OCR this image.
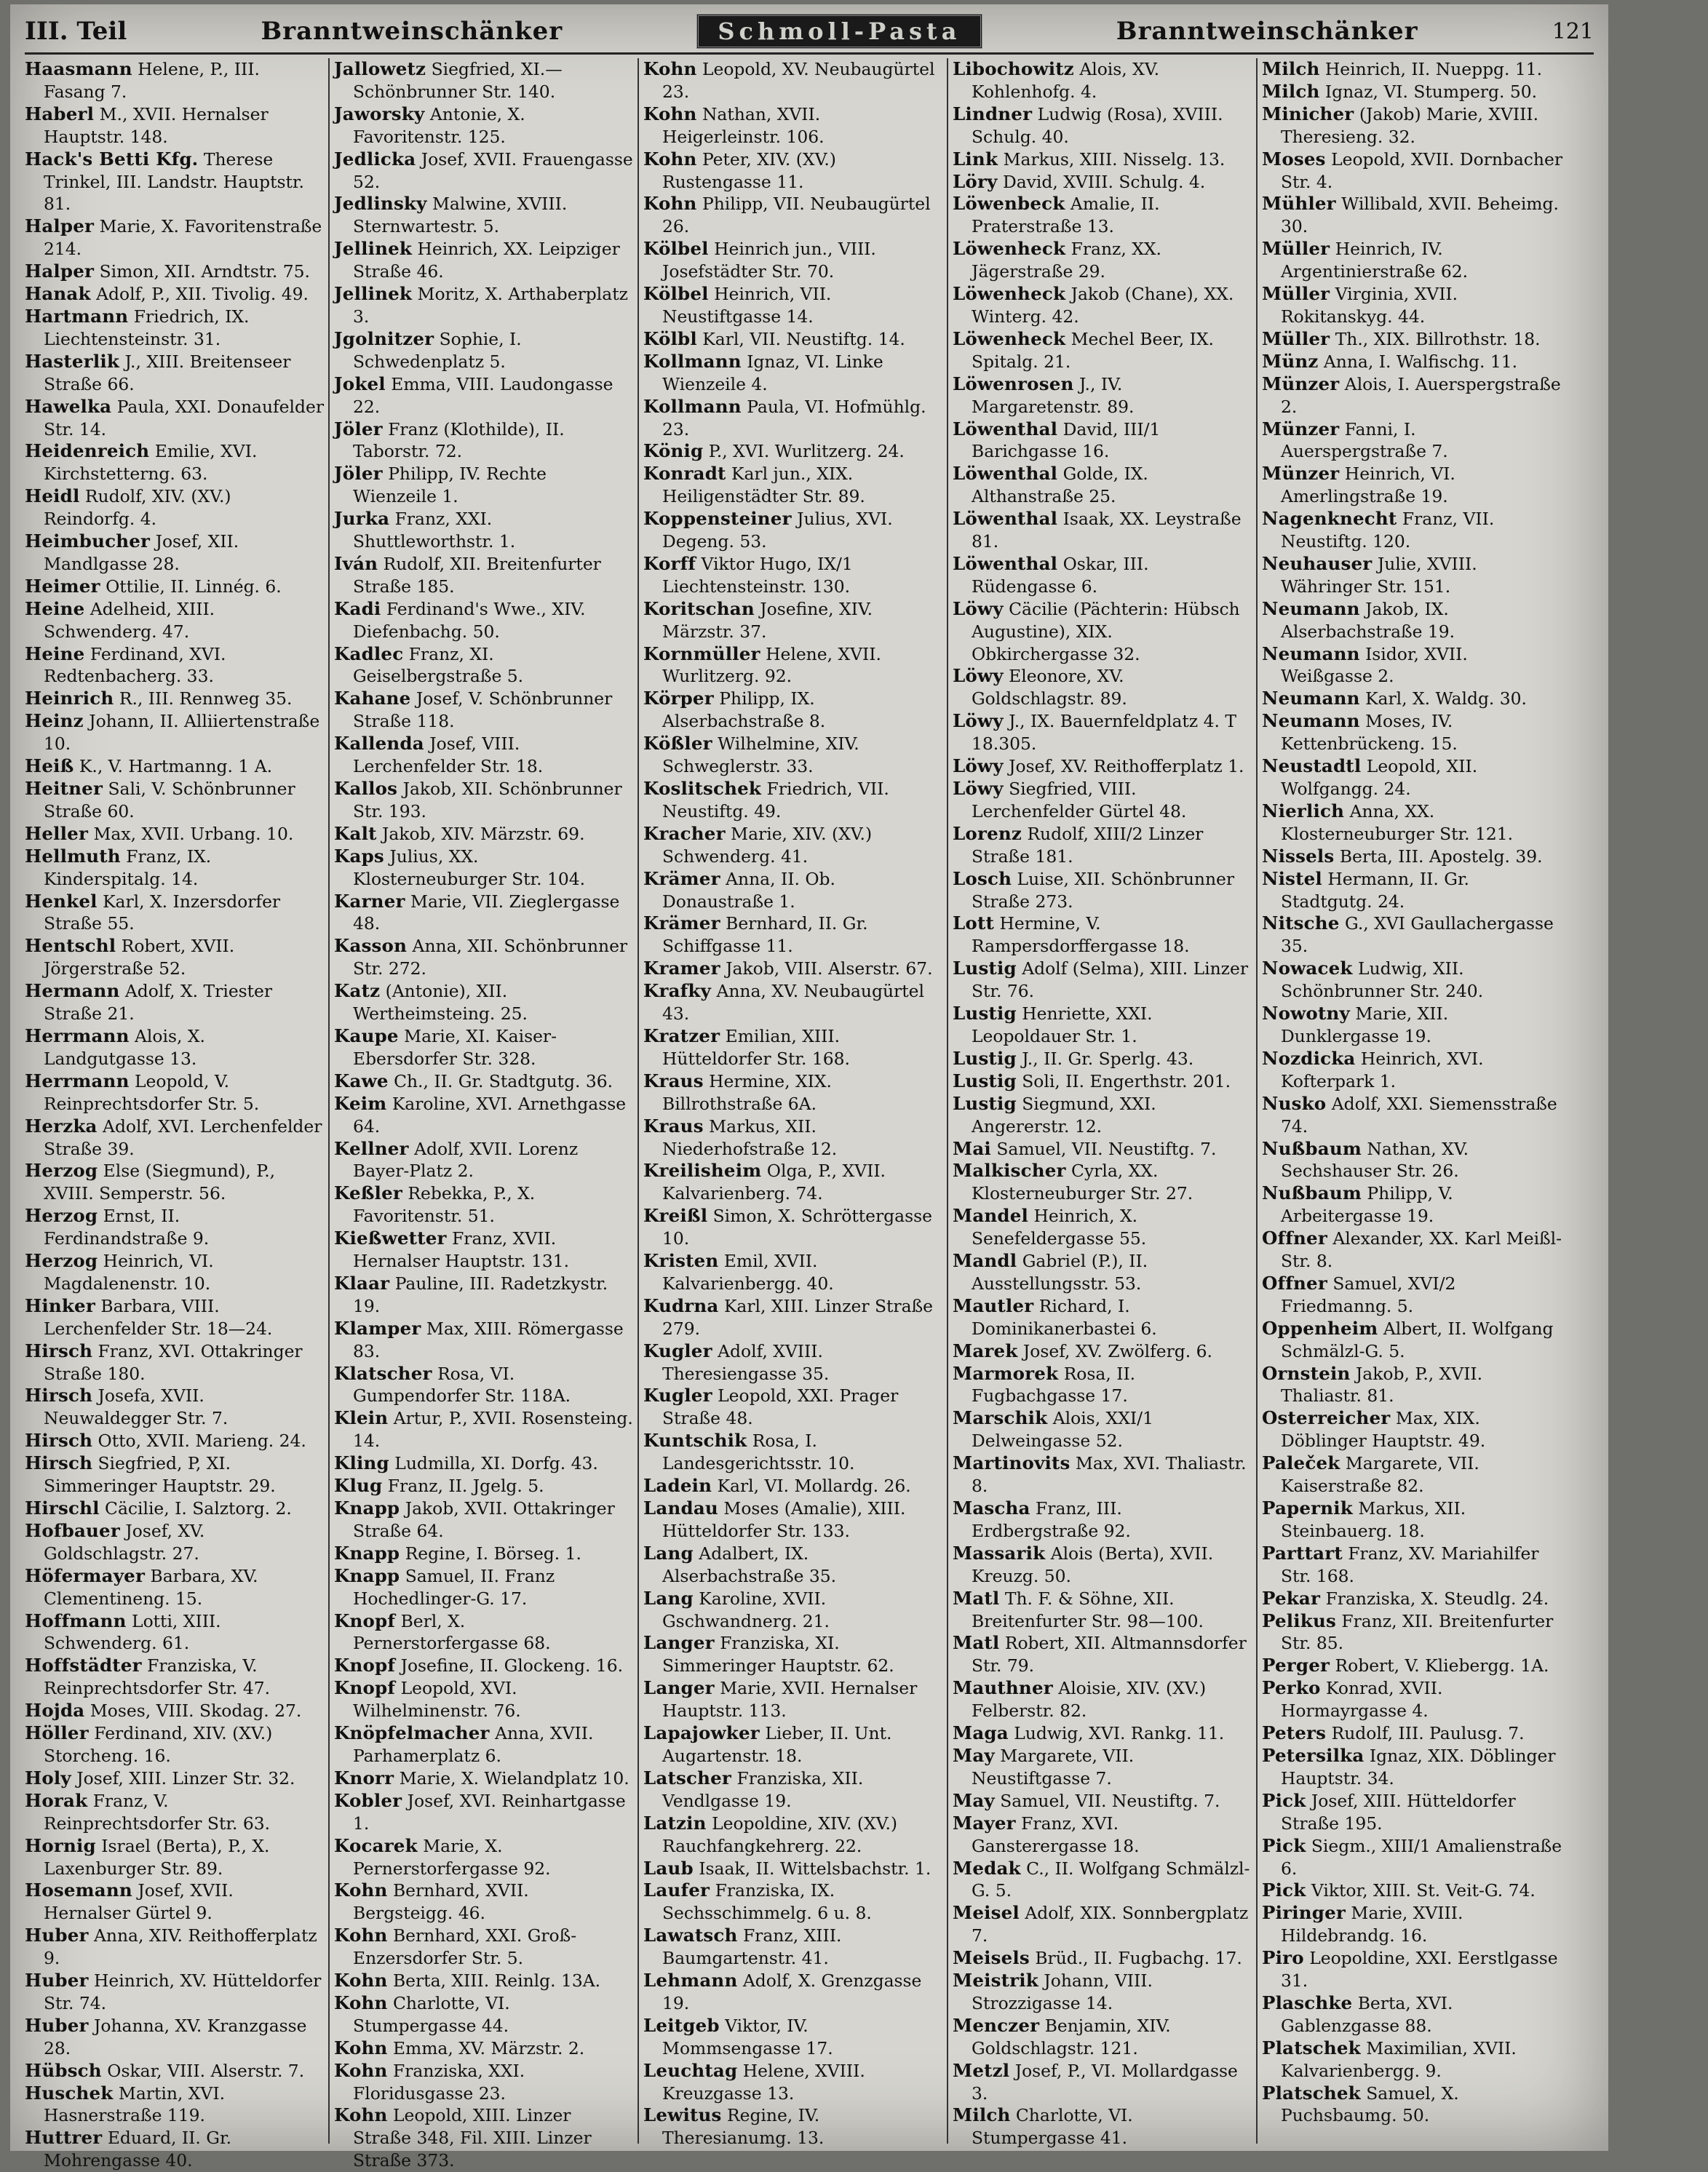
III. Teil	Branntweinschänker	Schmoll-Pasta	Branntweinschänker	121

Haasmann Helene, P., III. Fasang 7.

Haberl M., XVII. Hernalser Hauptstr. 148.

Hack's Betti Kfg. Therese Trinkel, III. Landstr. Hauptstr. 81.

Halper Marie, X. Favoritenstraße 214.

Halper Simon, XII. Arndtstr. 75.

Hanak Adolf, P., XII. Tivolig. 49.

Hartmann Friedrich, IX. Liechtensteinstr. 31.

Hasterlik J., XIII. Breitenseer Straße 66.

Hawelka Paula, XXI. Donaufelder Str. 14.

Heidenreich Emilie, XVI. Kirchstetterng. 63.

Heidl Rudolf, XIV. (XV.) Reindorfg. 4.

Heimbucher Josef, XII. Mandlgasse 28.

Heimer Ottilie, II. Linnég. 6.

Heine Adelheid, XIII. Schwenderg. 47.

Heine Ferdinand, XVI. Redtenbacherg. 33.

Heinrich R., III. Rennweg 35.

Heinz Johann, II. Alliiertenstraße 10.

Heiß K., V. Hartmanng. 1 A.

Heitner Sali, V. Schönbrunner Straße 60.

Heller Max, XVII. Urbang. 10.

Hellmuth Franz, IX. Kinderspitalg. 14.

Henkel Karl, X. Inzersdorfer Straße 55.

Hentschl Robert, XVII. Jörgerstraße 52.

Hermann Adolf, X. Triester Straße 21.

Herrmann Alois, X. Landgutgasse 13.

Herrmann Leopold, V. Reinprechtsdorfer Str. 5.

Herzka Adolf, XVI. Lerchenfelder Straße 39.

Herzog Else (Siegmund), P., XVIII. Semperstr. 56.

Herzog Ernst, II. Ferdinandstraße 9.

Herzog Heinrich, VI. Magdalenenstr. 10.

Hinker Barbara, VIII. Lerchenfelder Str. 18—24.

Hirsch Franz, XVI. Ottakringer Straße 180.

Hirsch Josefa, XVII. Neuwaldegger Str. 7.

Hirsch Otto, XVII. Marieng. 24.

Hirsch Siegfried, P, XI. Simmeringer Hauptstr. 29.

Hirschl Cäcilie, I. Salztorg. 2.

Hofbauer Josef, XV. Goldschlagstr. 27.

Höfermayer Barbara, XV. Clementineng. 15.

Hoffmann Lotti, XIII. Schwenderg. 61.

Hoffstädter Franziska, V. Reinprechtsdorfer Str. 47.

Hojda Moses, VIII. Skodag. 27.

Höller Ferdinand, XIV. (XV.) Storcheng. 16.

Holy Josef, XIII. Linzer Str. 32.

Horak Franz, V. Reinprechtsdorfer Str. 63.

Hornig Israel (Berta), P., X. Laxenburger Str. 89.

Hosemann Josef, XVII. Hernalser Gürtel 9.

Huber Anna, XIV. Reithofferplatz 9.

Huber Heinrich, XV. Hütteldorfer Str. 74.

Huber Johanna, XV. Kranzgasse 28.

Hübsch Oskar, VIII. Alserstr. 7.

Huschek Martin, XVI. Hasnerstraße 119.

Huttrer Eduard, II. Gr. Mohrengasse 40.

Jallowetz Siegfried, XI.—Schönbrunner Str. 140.

Jaworsky Antonie, X. Favoritenstr. 125.

Jedlicka Josef, XVII. Frauengasse 52.

Jedlinsky Malwine, XVIII. Sternwartestr. 5.

Jellinek Heinrich, XX. Leipziger Straße 46.

Jellinek Moritz, X. Arthaberplatz 3.

Jgolnitzer Sophie, I. Schwedenplatz 5.

Jokel Emma, VIII. Laudongasse 22.

Jöler Franz (Klothilde), II. Taborstr. 72.

Jöler Philipp, IV. Rechte Wienzeile 1.

Jurka Franz, XXI. Shuttleworthstr. 1.

Iván Rudolf, XII. Breitenfurter Straße 185.

Kadi Ferdinand's Wwe., XIV. Diefenbachg. 50.

Kadlec Franz, XI. Geiselbergstraße 5.

Kahane Josef, V. Schönbrunner Straße 118.

Kallenda Josef, VIII. Lerchenfelder Str. 18.

Kallos Jakob, XII. Schönbrunner Str. 193.

Kalt Jakob, XIV. Märzstr. 69.

Kaps Julius, XX. Klosterneuburger Str. 104.

Karner Marie, VII. Zieglergasse 48.

Kasson Anna, XII. Schönbrunner Str. 272.

Katz (Antonie), XII. Wertheimsteing. 25.

Kaupe Marie, XI. Kaiser-Ebersdorfer Str. 328.

Kawe Ch., II. Gr. Stadtgutg. 36.

Keim Karoline, XVI. Arnethgasse 64.

Kellner Adolf, XVII. Lorenz Bayer-Platz 2.

Keßler Rebekka, P., X. Favoritenstr. 51.

Kießwetter Franz, XVII. Hernalser Hauptstr. 131.

Klaar Pauline, III. Radetzkystr. 19.

Klamper Max, XIII. Römergasse 83.

Klatscher Rosa, VI. Gumpendorfer Str. 118A.

Klein Artur, P., XVII. Rosensteing. 14.

Kling Ludmilla, XI. Dorfg. 43.

Klug Franz, II. Jgelg. 5.

Knapp Jakob, XVII. Ottakringer Straße 64.

Knapp Regine, I. Börseg. 1.

Knapp Samuel, II. Franz Hochedlinger-G. 17.

Knopf Berl, X. Pernerstorfergasse 68.

Knopf Josefine, II. Glockeng. 16.

Knopf Leopold, XVI. Wilhelminenstr. 76.

Knöpfelmacher Anna, XVII. Parhamerplatz 6.

Knorr Marie, X. Wielandplatz 10.

Kobler Josef, XVI. Reinhartgasse 1.

Kocarek Marie, X. Pernerstorfergasse 92.

Kohn Bernhard, XVII. Bergsteigg. 46.

Kohn Bernhard, XXI. Groß-Enzersdorfer Str. 5.

Kohn Berta, XIII. Reinlg. 13A.

Kohn Charlotte, VI. Stumpergasse 44.

Kohn Emma, XV. Märzstr. 2.

Kohn Franziska, XXI. Floridusgasse 23.

Kohn Leopold, XIII. Linzer Straße 348, Fil. XIII. Linzer Straße 373.

Kohn Leopold, XV. Neubaugürtel 23.

Kohn Nathan, XVII. Heigerleinstr. 106.

Kohn Peter, XIV. (XV.) Rustengasse 11.

Kohn Philipp, VII. Neubaugürtel 26.

Kölbel Heinrich jun., VIII. Josefstädter Str. 70.

Kölbel Heinrich, VII. Neustiftgasse 14.

Kölbl Karl, VII. Neustiftg. 14.

Kollmann Ignaz, VI. Linke Wienzeile 4.

Kollmann Paula, VI. Hofmühlg. 23.

König P., XVI. Wurlitzerg. 24.

Konradt Karl jun., XIX. Heiligenstädter Str. 89.

Koppensteiner Julius, XVI. Degeng. 53.

Korff Viktor Hugo, IX/1 Liechtensteinstr. 130.

Koritschan Josefine, XIV. Märzstr. 37.

Kornmüller Helene, XVII. Wurlitzerg. 92.

Körper Philipp, IX. Alserbachstraße 8.

Kößler Wilhelmine, XIV. Schweglerstr. 33.

Koslitschek Friedrich, VII. Neustiftg. 49.

Kracher Marie, XIV. (XV.) Schwenderg. 41.

Krämer Anna, II. Ob. Donaustraße 1.

Krämer Bernhard, II. Gr. Schiffgasse 11.

Kramer Jakob, VIII. Alserstr. 67.

Krafky Anna, XV. Neubaugürtel 43.

Kratzer Emilian, XIII. Hütteldorfer Str. 168.

Kraus Hermine, XIX. Billrothstraße 6A.

Kraus Markus, XII. Niederhofstraße 12.

Kreilisheim Olga, P., XVII. Kalvarienberg. 74.

Kreißl Simon, X. Schröttergasse 10.

Kristen Emil, XVII. Kalvarienbergg. 40.

Kudrna Karl, XIII. Linzer Straße 279.

Kugler Adolf, XVIII. Theresiengasse 35.

Kugler Leopold, XXI. Prager Straße 48.

Kuntschik Rosa, I. Landesgerichtsstr. 10.

Ladein Karl, VI. Mollardg. 26.

Landau Moses (Amalie), XIII. Hütteldorfer Str. 133.

Lang Adalbert, IX. Alserbachstraße 35.

Lang Karoline, XVII. Gschwandnerg. 21.

Langer Franziska, XI. Simmeringer Hauptstr. 62.

Langer Marie, XVII. Hernalser Hauptstr. 113.

Lapajowker Lieber, II. Unt. Augartenstr. 18.

Latscher Franziska, XII. Vendlgasse 19.

Latzin Leopoldine, XIV. (XV.) Rauchfangkehrerg. 22.

Laub Isaak, II. Wittelsbachstr. 1.

Laufer Franziska, IX. Sechsschimmelg. 6 u. 8.

Lawatsch Franz, XIII. Baumgartenstr. 41.

Lehmann Adolf, X. Grenzgasse 19.

Leitgeb Viktor, IV. Mommsengasse 17.

Leuchtag Helene, XVIII. Kreuzgasse 13.

Lewitus Regine, IV. Theresianumg. 13.

Libochowitz Alois, XV. Kohlenhofg. 4.

Lindner Ludwig (Rosa), XVIII. Schulg. 40.

Link Markus, XIII. Nisselg. 13.

Löry David, XVIII. Schulg. 4.

Löwenbeck Amalie, II. Praterstraße 13.

Löwenheck Franz, XX. Jägerstraße 29.

Löwenheck Jakob (Chane), XX. Winterg. 42.

Löwenheck Mechel Beer, IX. Spitalg. 21.

Löwenrosen J., IV. Margaretenstr. 89.

Löwenthal David, III/1 Barichgasse 16.

Löwenthal Golde, IX. Althanstraße 25.

Löwenthal Isaak, XX. Leystraße 81.

Löwenthal Oskar, III. Rüdengasse 6.

Löwy Cäcilie (Pächterin: Hübsch Augustine), XIX. Obkirchergasse 32.

Löwy Eleonore, XV. Goldschlagstr. 89.

Löwy J., IX. Bauernfeldplatz 4. T 18.305.

Löwy Josef, XV. Reithofferplatz 1.

Löwy Siegfried, VIII. Lerchenfelder Gürtel 48.

Lorenz Rudolf, XIII/2 Linzer Straße 181.

Losch Luise, XII. Schönbrunner Straße 273.

Lott Hermine, V. Rampersdorffergasse 18.

Lustig Adolf (Selma), XIII. Linzer Str. 76.

Lustig Henriette, XXI. Leopoldauer Str. 1.

Lustig J., II. Gr. Sperlg. 43.

Lustig Soli, II. Engerthstr. 201.

Lustig Siegmund, XXI. Angererstr. 12.

Mai Samuel, VII. Neustiftg. 7.

Malkischer Cyrla, XX. Klosterneuburger Str. 27.

Mandel Heinrich, X. Senefeldergasse 55.

Mandl Gabriel (P.), II. Ausstellungsstr. 53.

Mautler Richard, I. Dominikanerbastei 6.

Marek Josef, XV. Zwölferg. 6.

Marmorek Rosa, II. Fugbachgasse 17.

Marschik Alois, XXI/1 Delweingasse 52.

Martinovits Max, XVI. Thaliastr. 8.

Mascha Franz, III. Erdbergstraße 92.

Massarik Alois (Berta), XVII. Kreuzg. 50.

Matl Th. F. & Söhne, XII. Breitenfurter Str. 98—100.

Matl Robert, XII. Altmannsdorfer Str. 79.

Mauthner Aloisie, XIV. (XV.) Felberstr. 82.

Maga Ludwig, XVI. Rankg. 11.

May Margarete, VII. Neustiftgasse 7.

May Samuel, VII. Neustiftg. 7.

Mayer Franz, XVI. Gansterergasse 18.

Medak C., II. Wolfgang Schmälzl-G. 5.

Meisel Adolf, XIX. Sonnbergplatz 7.

Meisels Brüd., II. Fugbachg. 17.

Meistrik Johann, VIII. Strozzigasse 14.

Menczer Benjamin, XIV. Goldschlagstr. 121.

Metzl Josef, P., VI. Mollardgasse 3.

Milch Charlotte, VI. Stumpergasse 41.

Milch Heinrich, II. Nueppg. 11.

Milch Ignaz, VI. Stumperg. 50.

Minicher (Jakob) Marie, XVIII. Theresieng. 32.

Moses Leopold, XVII. Dornbacher Str. 4.

Mühler Willibald, XVII. Beheimg. 30.

Müller Heinrich, IV. Argentinierstraße 62.

Müller Virginia, XVII. Rokitanskyg. 44.

Müller Th., XIX. Billrothstr. 18.

Münz Anna, I. Walfischg. 11.

Münzer Alois, I. Auerspergstraße 2.

Münzer Fanni, I. Auerspergstraße 7.

Münzer Heinrich, VI. Amerlingstraße 19.

Nagenknecht Franz, VII. Neustiftg. 120.

Neuhauser Julie, XVIII. Währinger Str. 151.

Neumann Jakob, IX. Alserbachstraße 19.

Neumann Isidor, XVII. Weißgasse 2.

Neumann Karl, X. Waldg. 30.

Neumann Moses, IV. Kettenbrückeng. 15.

Neustadtl Leopold, XII. Wolfgangg. 24.

Nierlich Anna, XX. Klosterneuburger Str. 121.

Nissels Berta, III. Apostelg. 39.

Nistel Hermann, II. Gr. Stadtgutg. 24.

Nitsche G., XVI Gaullachergasse 35.

Nowacek Ludwig, XII. Schönbrunner Str. 240.

Nowotny Marie, XII. Dunklergasse 19.

Nozdicka Heinrich, XVI. Kofterpark 1.

Nusko Adolf, XXI. Siemensstraße 74.

Nußbaum Nathan, XV. Sechshauser Str. 26.

Nußbaum Philipp, V. Arbeitergasse 19.

Offner Alexander, XX. Karl Meißl-Str. 8.

Offner Samuel, XVI/2 Friedmanng. 5.

Oppenheim Albert, II. Wolfgang Schmälzl-G. 5.

Ornstein Jakob, P., XVII. Thaliastr. 81.

Osterreicher Max, XIX. Döblinger Hauptstr. 49.

Paleček Margarete, VII. Kaiserstraße 82.

Papernik Markus, XII. Steinbauerg. 18.

Parttart Franz, XV. Mariahilfer Str. 168.

Pekar Franziska, X. Steudlg. 24.

Pelikus Franz, XII. Breitenfurter Str. 85.

Perger Robert, V. Kliebergg. 1A.

Perko Konrad, XVII. Hormayrgasse 4.

Peters Rudolf, III. Paulusg. 7.

Petersilka Ignaz, XIX. Döblinger Hauptstr. 34.

Pick Josef, XIII. Hütteldorfer Straße 195.

Pick Siegm., XIII/1 Amalienstraße 6.

Pick Viktor, XIII. St. Veit-G. 74.

Piringer Marie, XVIII. Hildebrandg. 16.

Piro Leopoldine, XXI. Eerstlgasse 31.

Plaschke Berta, XVI. Gablenzgasse 88.

Platschek Maximilian, XVII. Kalvarienbergg. 9.

Platschek Samuel, X. Puchsbaumg. 50.
